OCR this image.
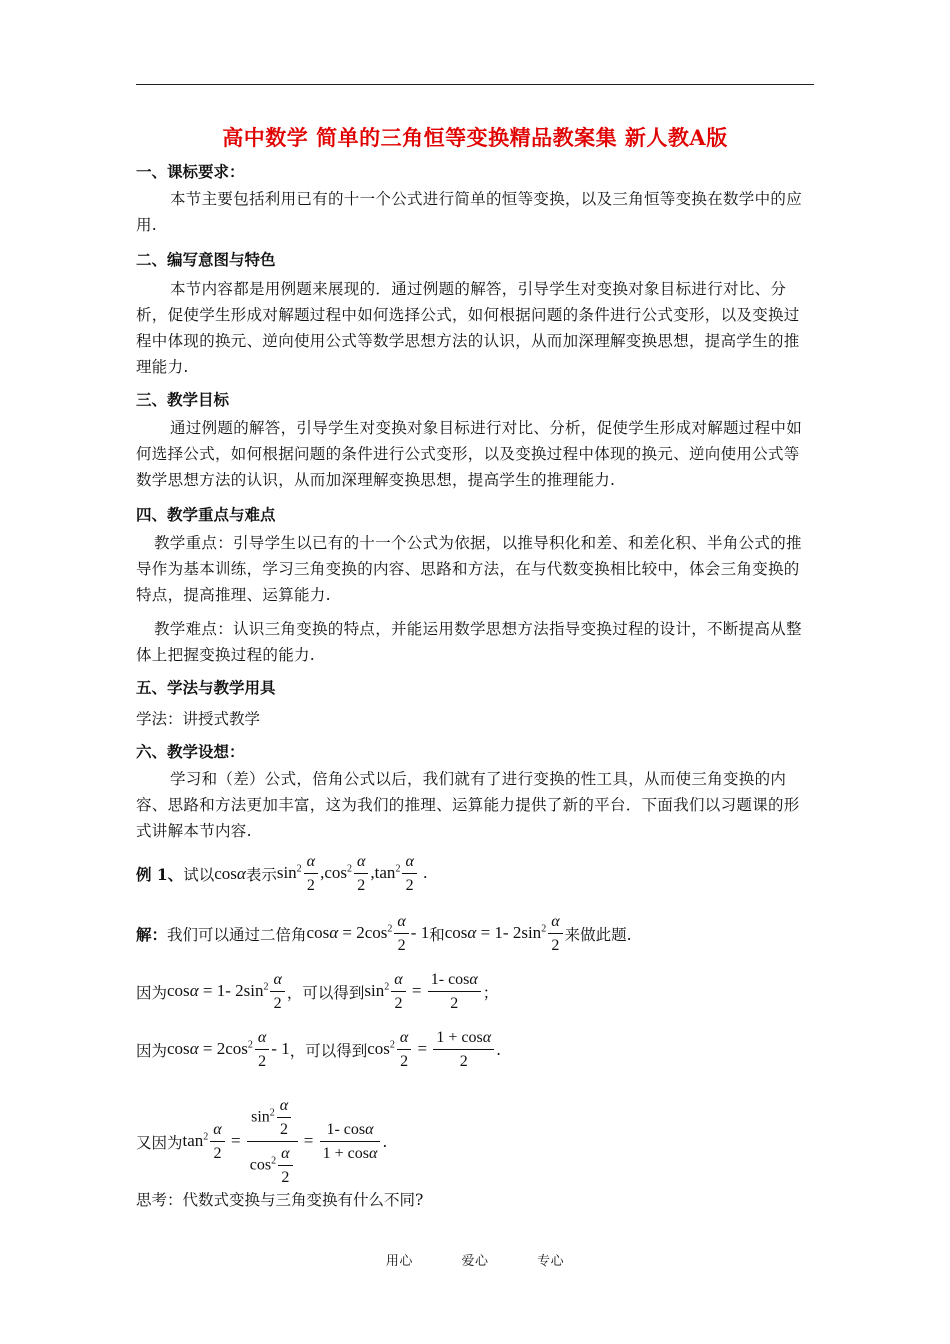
高中数学 简单的三角恒等变换精品教案集 新人教A版
一、课标要求：
本节主要包括利用已有的十一个公式进行简单的恒等变换，以及三角恒等变换在数学中的应用.
二、编写意图与特色
本节内容都是用例题来展现的．通过例题的解答，引导学生对变换对象目标进行对比、分析，促使学生形成对解题过程中如何选择公式，如何根据问题的条件进行公式变形，以及变换过程中体现的换元、逆向使用公式等数学思想方法的认识，从而加深理解变换思想，提高学生的推理能力.
三、教学目标
通过例题的解答，引导学生对变换对象目标进行对比、分析，促使学生形成对解题过程中如何选择公式，如何根据问题的条件进行公式变形，以及变换过程中体现的换元、逆向使用公式等数学思想方法的认识，从而加深理解变换思想，提高学生的推理能力.
四、教学重点与难点
教学重点：引导学生以已有的十一个公式为依据，以推导积化和差、和差化积、半角公式的推导作为基本训练，学习三角变换的内容、思路和方法，在与代数变换相比较中，体会三角变换的特点，提高推理、运算能力.
教学难点：认识三角变换的特点，并能运用数学思想方法指导变换过程的设计，不断提高从整体上把握变换过程的能力.
五、学法与教学用具
学法：讲授式教学
六、教学设想：
学习和（差）公式，倍角公式以后，我们就有了进行变换的性工具，从而使三角变换的内容、思路和方法更加丰富，这为我们的推理、运算能力提供了新的平台．下面我们以习题课的形式讲解本节内容.
例 1、 试以 cosα 表示 $\sin^2 \frac{\alpha}{2} ,\cos^2 \frac{\alpha}{2} ,\tan^2 \frac{\alpha}{2}$ .
解： 我们可以通过二倍角 $\cos\alpha = 2\cos^2 \frac{\alpha}{2} - 1$ 和 cosα = 1- $2\sin^2 \frac{\alpha}{2}$ 来做此题.
因为 cosα = 1- $2\sin^2 \frac{\alpha}{2}$ ，可以得到 $\sin^2 \frac{\alpha}{2} = \frac{1- \cos\alpha}{2}$ ；
因为 $\cos\alpha = 2\cos^2 \frac{\alpha}{2} - 1$ ，可以得到 $\cos^2 \frac{\alpha}{2} = \frac{1 + \cos\alpha}{2}$ .
又因为 $\tan^2 \frac{\alpha}{2} = \frac{\sin^2 \frac{\alpha}{2}}{\cos^2 \frac{\alpha}{2}} = \frac{1- \cos\alpha}{1 + \cos\alpha}$ .
思考：代数式变换与三角变换有什么不同?
用心	爱心	专心
